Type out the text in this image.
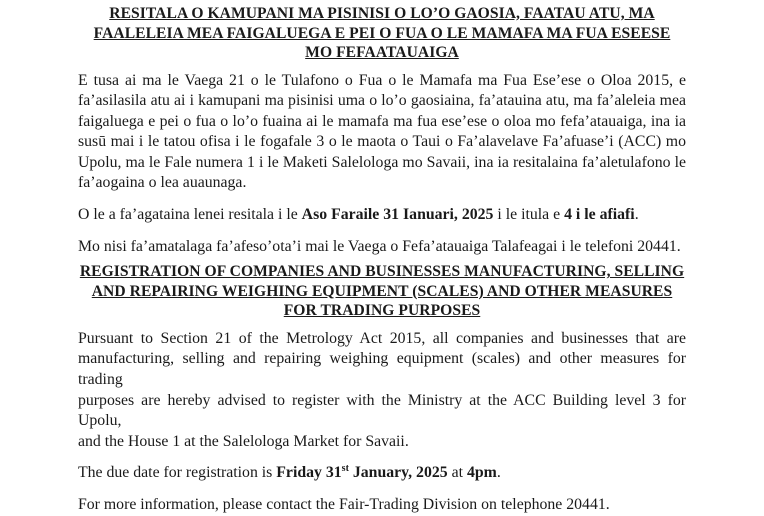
RESITALA O KAMUPANI MA PISINISI O LO’O GAOSIA, FAATAU ATU, MA
FAALELEIA MEA FAIGALUEGA E PEI O FUA O LE MAMAFA MA FUA ESEESE
MO FEFAATAUAIGA

E tusa ai ma le Vaega 21 o le Tulafono o Fua o le Mamafa ma Fua Ese’ese o Oloa 2015, e
fa’asilasila atu ai i kamupani ma pisinisi uma o lo’o gaosiaina, fa’atauina atu, ma fa’aleleia mea
faigaluega e pei o fua o lo’o fuaina ai le mamafa ma fua ese’ese o oloa mo fefa’atauaiga, ina ia
susū mai i le tatou ofisa i le fogafale 3 o le maota o Taui o Fa’alavelave Fa’afuase’i (ACC) mo
Upolu, ma le Fale numera 1 i le Maketi Salelologa mo Savaii, ina ia resitalaina fa’aletulafono le
fa’aogaina o lea auaunaga.

O le a fa’agataina lenei resitala i le Aso Faraile 31 Ianuari, 2025 i le itula e 4 i le afiafi.

Mo nisi fa’amatalaga fa’afeso’ota’i mai le Vaega o Fefa’atauaiga Talafeagai i le telefoni 20441.

REGISTRATION OF COMPANIES AND BUSINESSES MANUFACTURING, SELLING
AND REPAIRING WEIGHING EQUIPMENT (SCALES) AND OTHER MEASURES
FOR TRADING PURPOSES

Pursuant to Section 21 of the Metrology Act 2015, all companies and businesses that are
manufacturing, selling and repairing weighing equipment (scales) and other measures for trading
purposes are hereby advised to register with the Ministry at the ACC Building level 3 for Upolu,
and the House 1 at the Salelologa Market for Savaii.

The due date for registration is Friday 31st January, 2025 at 4pm.

For more information, please contact the Fair-Trading Division on telephone 20441.
